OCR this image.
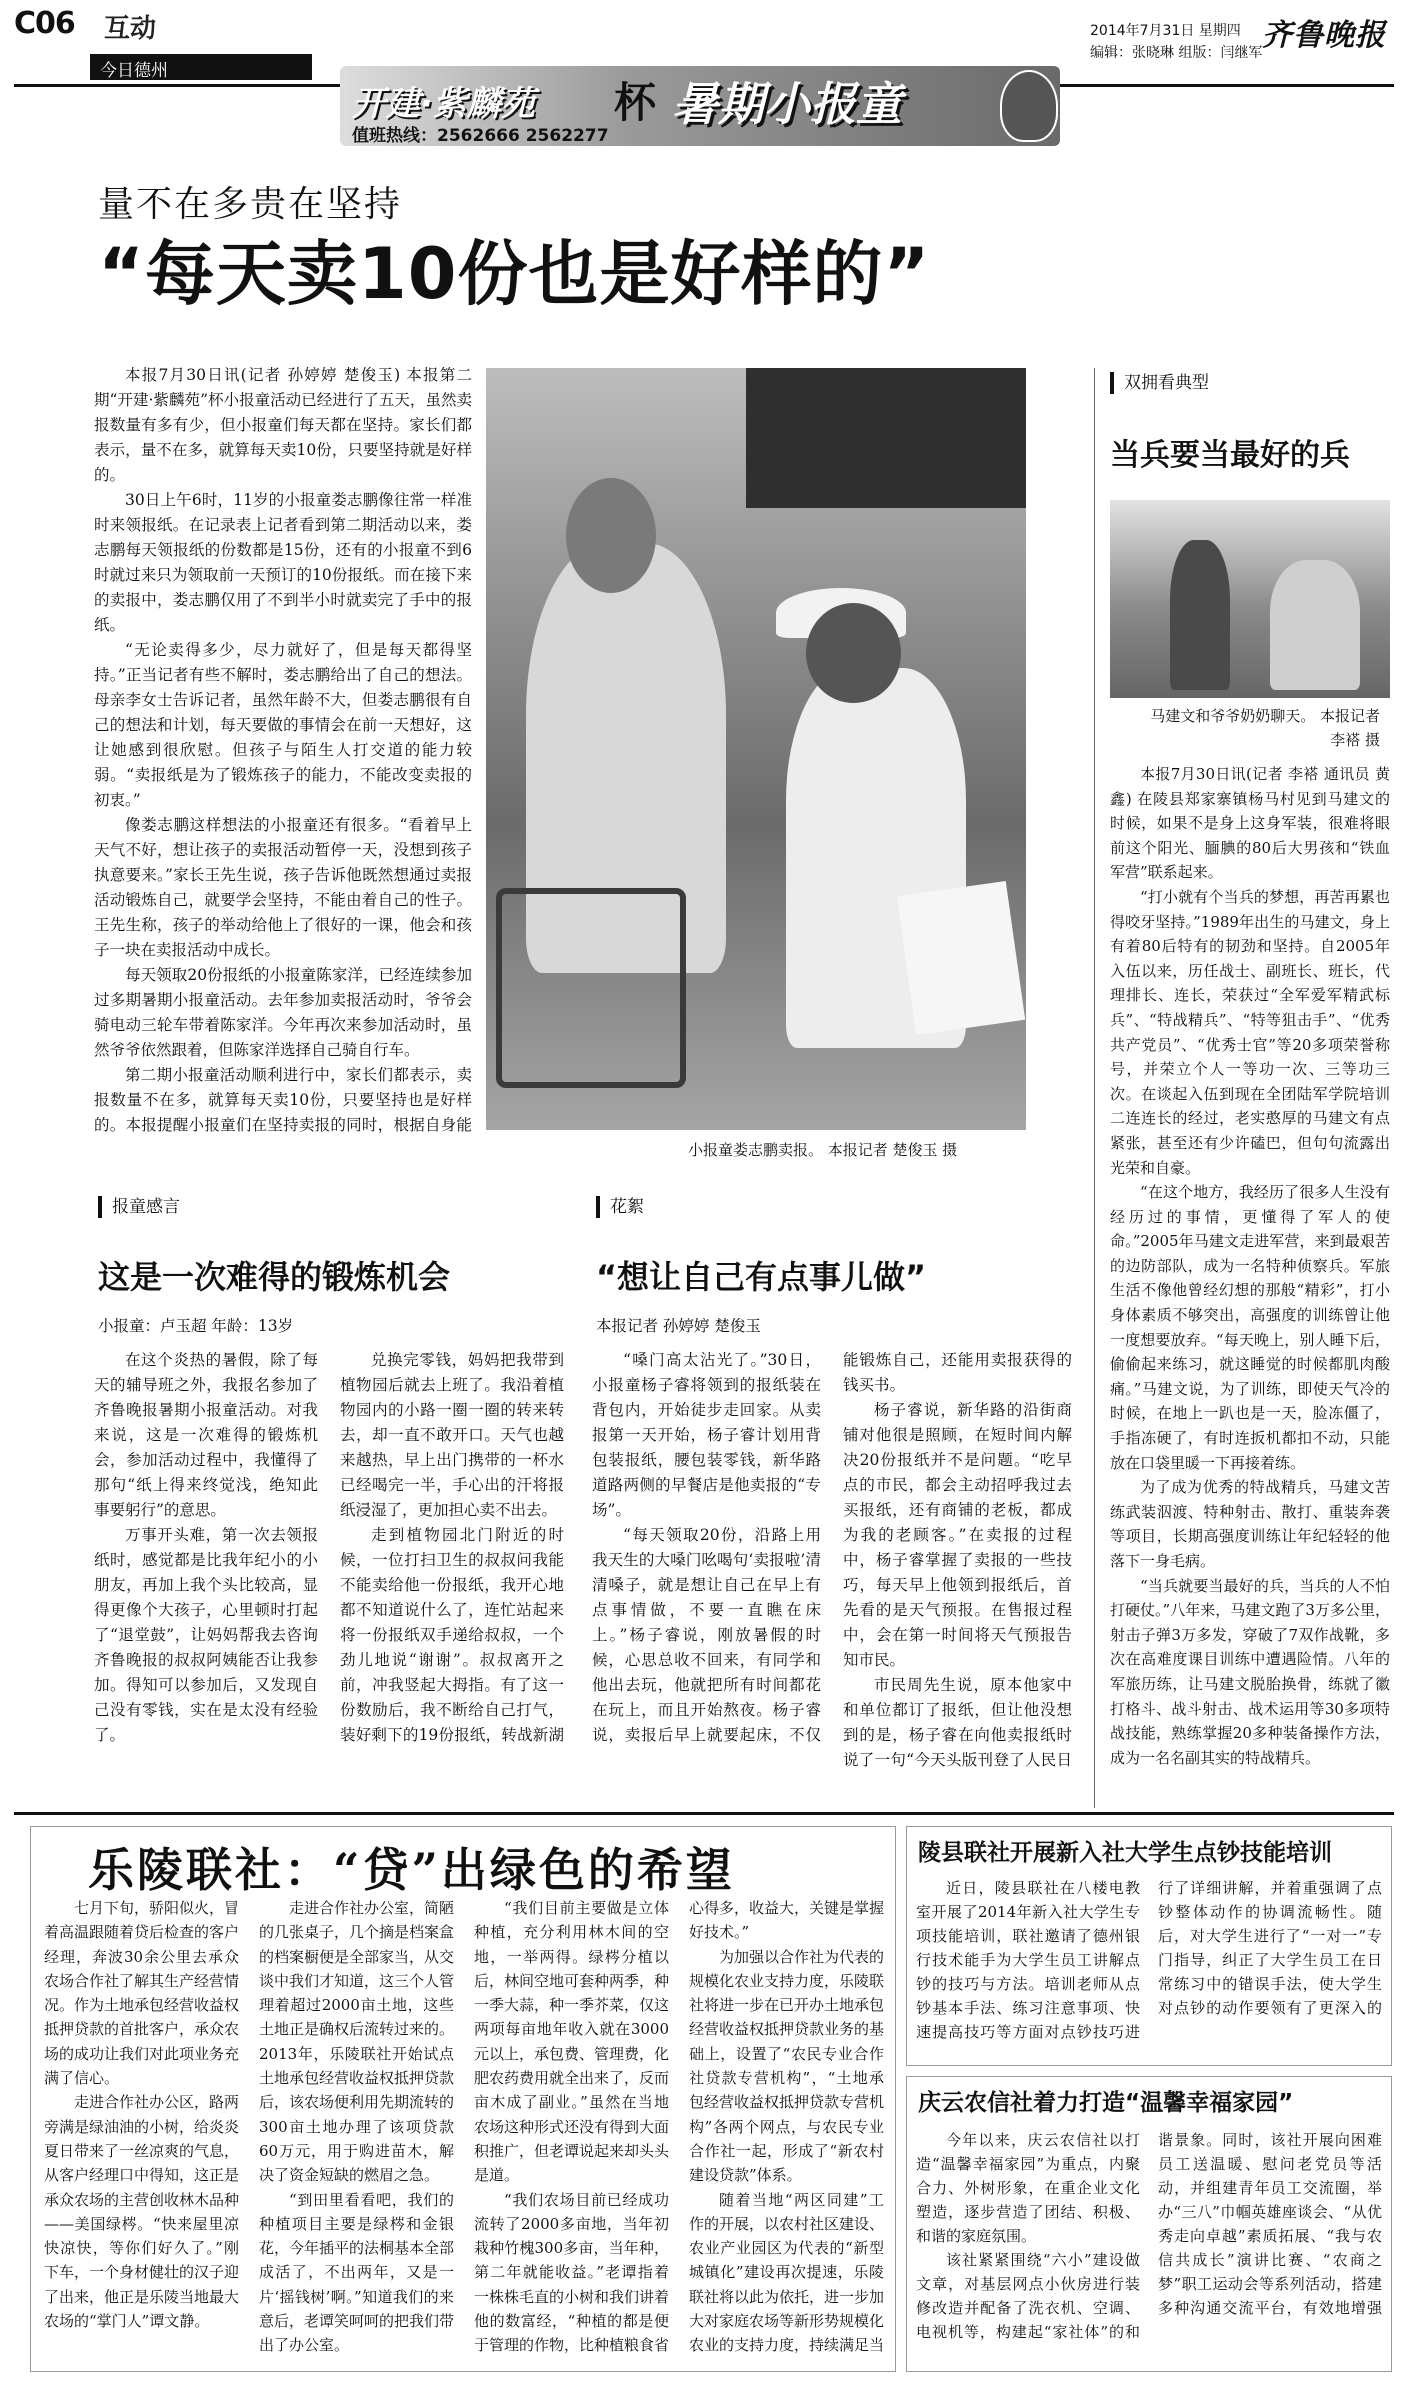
C06 互动
今日德州
2014年7月31日 星期四
编辑：张晓琳 组版：闫继军 齐鲁晚报
开建·紫麟苑 杯 暑期小报童
值班热线：2562666 2562277
量不在多贵在坚持
“每天卖10份也是好样的”

本报7月30日讯(记者 孙婷婷 楚俊玉) 本报第二期“开建·紫麟苑”杯小报童活动已经进行了五天，虽然卖报数量有多有少，但小报童们每天都在坚持。家长们都表示，量不在多，就算每天卖10份，只要坚持就是好样的。

30日上午6时，11岁的小报童娄志鹏像往常一样准时来领报纸。在记录表上记者看到第二期活动以来，娄志鹏每天领报纸的份数都是15份，还有的小报童不到6时就过来只为领取前一天预订的10份报纸。而在接下来的卖报中，娄志鹏仅用了不到半小时就卖完了手中的报纸。

“无论卖得多少，尽力就好了，但是每天都得坚持。”正当记者有些不解时，娄志鹏给出了自己的想法。母亲李女士告诉记者，虽然年龄不大，但娄志鹏很有自己的想法和计划，每天要做的事情会在前一天想好，这让她感到很欣慰。但孩子与陌生人打交道的能力较弱。“卖报纸是为了锻炼孩子的能力，不能改变卖报的初衷。”

像娄志鹏这样想法的小报童还有很多。“看着早上天气不好，想让孩子的卖报活动暂停一天，没想到孩子执意要来。”家长王先生说，孩子告诉他既然想通过卖报活动锻炼自己，就要学会坚持，不能由着自己的性子。王先生称，孩子的举动给他上了很好的一课，他会和孩子一块在卖报活动中成长。

每天领取20份报纸的小报童陈家洋，已经连续参加过多期暑期小报童活动。去年参加卖报活动时，爷爷会骑电动三轮车带着陈家洋。今年再次来参加活动时，虽然爷爷依然跟着，但陈家洋选择自己骑自行车。

第二期小报童活动顺利进行中，家长们都表示，卖报数量不在多，就算每天卖10份，只要坚持也是好样的。本报提醒小报童们在坚持卖报的同时，根据自身能

小报童娄志鹏卖报。 本报记者 楚俊玉 摄
双拥看典型
当兵要当最好的兵
马建文和爷爷奶奶聊天。 本报记者 李褡 摄

本报7月30日讯(记者 李褡 通讯员 黄鑫) 在陵县郑家寨镇杨马村见到马建文的时候，如果不是身上这身军装，很难将眼前这个阳光、腼腆的80后大男孩和“铁血军营”联系起来。

“打小就有个当兵的梦想，再苦再累也得咬牙坚持。”1989年出生的马建文，身上有着80后特有的韧劲和坚持。自2005年入伍以来，历任战士、副班长、班长，代理排长、连长，荣获过“全军爱军精武标兵”、“特战精兵”、“特等狙击手”、“优秀共产党员”、“优秀士官”等20多项荣誉称号，并荣立个人一等功一次、三等功三次。在谈起入伍到现在全团陆军学院培训二连连长的经过，老实憨厚的马建文有点紧张，甚至还有少许磕巴，但句句流露出光荣和自豪。

“在这个地方，我经历了很多人生没有经历过的事情，更懂得了军人的使命。”2005年马建文走进军营，来到最艰苦的边防部队，成为一名特种侦察兵。军旅生活不像他曾经幻想的那般“精彩”，打小身体素质不够突出，高强度的训练曾让他一度想要放弃。“每天晚上，别人睡下后，偷偷起来练习，就这睡觉的时候都肌肉酸痛。”马建文说，为了训练，即使天气冷的时候，在地上一趴也是一天，脸冻僵了，手指冻硬了，有时连扳机都扣不动，只能放在口袋里暖一下再接着练。

为了成为优秀的特战精兵，马建文苦练武装泅渡、特种射击、散打、重装奔袭等项目，长期高强度训练让年纪轻轻的他落下一身毛病。

“当兵就要当最好的兵，当兵的人不怕打硬仗。”八年来，马建文跑了3万多公里，射击子弹3万多发，穿破了7双作战靴，多次在高难度课目训练中遭遇险情。八年的军旅历练，让马建文脱胎换骨，练就了徽打格斗、战斗射击、战术运用等30多项特战技能，熟练掌握20多种装备操作方法，成为一名名副其实的特战精兵。

报童感言
这是一次难得的锻炼机会
小报童：卢玉超 年龄：13岁

在这个炎热的暑假，除了每天的辅导班之外，我报名参加了齐鲁晚报暑期小报童活动。对我来说，这是一次难得的锻炼机会，参加活动过程中，我懂得了那句“纸上得来终觉浅，绝知此事要躬行”的意思。

万事开头难，第一次去领报纸时，感觉都是比我年纪小的小朋友，再加上我个头比较高，显得更像个大孩子，心里顿时打起了“退堂鼓”，让妈妈帮我去咨询齐鲁晚报的叔叔阿姨能否让我参加。得知可以参加后，又发现自己没有零钱，实在是太没有经验了。

兑换完零钱，妈妈把我带到植物园后就去上班了。我沿着植物园内的小路一圈一圈的转来转去，却一直不敢开口。天气也越来越热，早上出门携带的一杯水已经喝完一半，手心出的汗将报纸浸湿了，更加担心卖不出去。

走到植物园北门附近的时候，一位打扫卫生的叔叔问我能不能卖给他一份报纸，我开心地都不知道说什么了，连忙站起来将一份报纸双手递给叔叔，一个劲儿地说“谢谢”。叔叔离开之前，冲我竖起大拇指。有了这一份数励后，我不断给自己打气，装好剩下的19份报纸，转战新湖

花絮
“想让自己有点事儿做”
本报记者 孙婷婷 楚俊玉

“嗓门高太沾光了。”30日，小报童杨子睿将领到的报纸装在背包内，开始徒步走回家。从卖报第一天开始，杨子睿计划用背包装报纸，腰包装零钱，新华路道路两侧的早餐店是他卖报的“专场”。

“每天领取20份，沿路上用我天生的大嗓门吆喝句‘卖报啦’清清嗓子，就是想让自己在早上有点事情做，不要一直瞧在床上。”杨子睿说，刚放暑假的时候，心思总收不回来，有同学和他出去玩，他就把所有时间都花在玩上，而且开始熬夜。杨子睿说，卖报后早上就要起床，不仅能锻炼自己，还能用卖报获得的钱买书。

杨子睿说，新华路的沿街商铺对他很是照顾，在短时间内解决20份报纸并不是问题。“吃早点的市民，都会主动招呼我过去买报纸，还有商铺的老板，都成为我的老顾客。”在卖报的过程中，杨子睿掌握了卖报的一些技巧，每天早上他领到报纸后，首先看的是天气预报。在售报过程中，会在第一时间将天气预报告知市民。

市民周先生说，原本他家中和单位都订了报纸，但让他没想到的是，杨子睿在向他卖报纸时说了一句“今天头版刊登了人民日

乐陵联社：“贷”出绿色的希望

七月下旬，骄阳似火，冒着高温跟随着贷后检查的客户经理，奔波30余公里去承众农场合作社了解其生产经营情况。作为土地承包经营收益权抵押贷款的首批客户，承众农场的成功让我们对此项业务充满了信心。

走进合作社办公区，路两旁满是绿油油的小树，给炎炎夏日带来了一丝凉爽的气息，从客户经理口中得知，这正是承众农场的主营创收林木品种——美国绿梣。“快来屋里凉快凉快，等你们好久了。”刚下车，一个身材健壮的汉子迎了出来，他正是乐陵当地最大农场的“掌门人”谭文静。

走进合作社办公室，简陋的几张桌子，几个摘是档案盒的档案橱便是全部家当，从交谈中我们才知道，这三个人管理着超过2000亩土地，这些土地正是确权后流转过来的。2013年，乐陵联社开始试点土地承包经营收益权抵押贷款后，该农场便利用先期流转的300亩土地办理了该项贷款60万元，用于购进苗木，解决了资金短缺的燃眉之急。

“到田里看看吧，我们的种植项目主要是绿梣和金银花，今年插平的法桐基本全部成活了，不出两年，又是一片‘摇钱树’啊。”知道我们的来意后，老谭笑呵呵的把我们带出了办公室。

“我们目前主要做是立体种植，充分利用林木间的空地，一举两得。绿梣分植以后，林间空地可套种两季，种一季大蒜，种一季芥菜，仅这两项每亩地年收入就在3000元以上，承包费、管理费，化肥农药费用就全出来了，反而亩木成了副业。”虽然在当地农场这种形式还没有得到大面积推广，但老谭说起来却头头是道。

“我们农场目前已经成功流转了2000多亩地，当年初栽种竹槐300多亩，当年种，第二年就能收益。”老谭指着一株株毛直的小树和我们讲着他的数富经，“种植的都是便于管理的作物，比种植粮食省心得多，收益大，关键是掌握好技术。”

为加强以合作社为代表的规模化农业支持力度，乐陵联社将进一步在已开办土地承包经营收益权抵押贷款业务的基础上，设置了“农民专业合作社贷款专营机构”，“土地承包经营收益权抵押贷款专营机构”各两个网点，与农民专业合作社一起，形成了“新农村建设贷款”体系。

随着当地“两区同建”工作的开展，以农村社区建设、农业产业园区为代表的“新型城镇化”建设再次提速，乐陵联社将以此为依托，进一步加大对家庭农场等新形势规模化农业的支持力度，持续满足当

陵县联社开展新入社大学生点钞技能培训

近日，陵县联社在八楼电教室开展了2014年新入社大学生专项技能培训，联社邀请了德州银行技术能手为大学生员工讲解点钞的技巧与方法。培训老师从点钞基本手法、练习注意事项、快速提高技巧等方面对点钞技巧进行了详细讲解，并着重强调了点钞整体动作的协调流畅性。随后，对大学生进行了“一对一”专门指导，纠正了大学生员工在日常练习中的错误手法，使大学生对点钞的动作要领有了更深入的

庆云农信社着力打造“温馨幸福家园”

今年以来，庆云农信社以打造“温馨幸福家园”为重点，内聚合力、外树形象，在重企业文化塑造，逐步营造了团结、积极、和谐的家庭氛围。

该社紧紧围绕“六小”建设做文章，对基层网点小伙房进行装修改造并配备了洗衣机、空调、电视机等，构建起“家社体”的和谐景象。同时，该社开展向困难员工送温暖、慰问老党员等活动，并组建青年员工交流圈，举办“三八”巾帼英雄座谈会、“从优秀走向卓越”素质拓展、“我与农信共成长”演讲比赛、“农商之梦”职工运动会等系列活动，搭建多种沟通交流平台，有效地增强
